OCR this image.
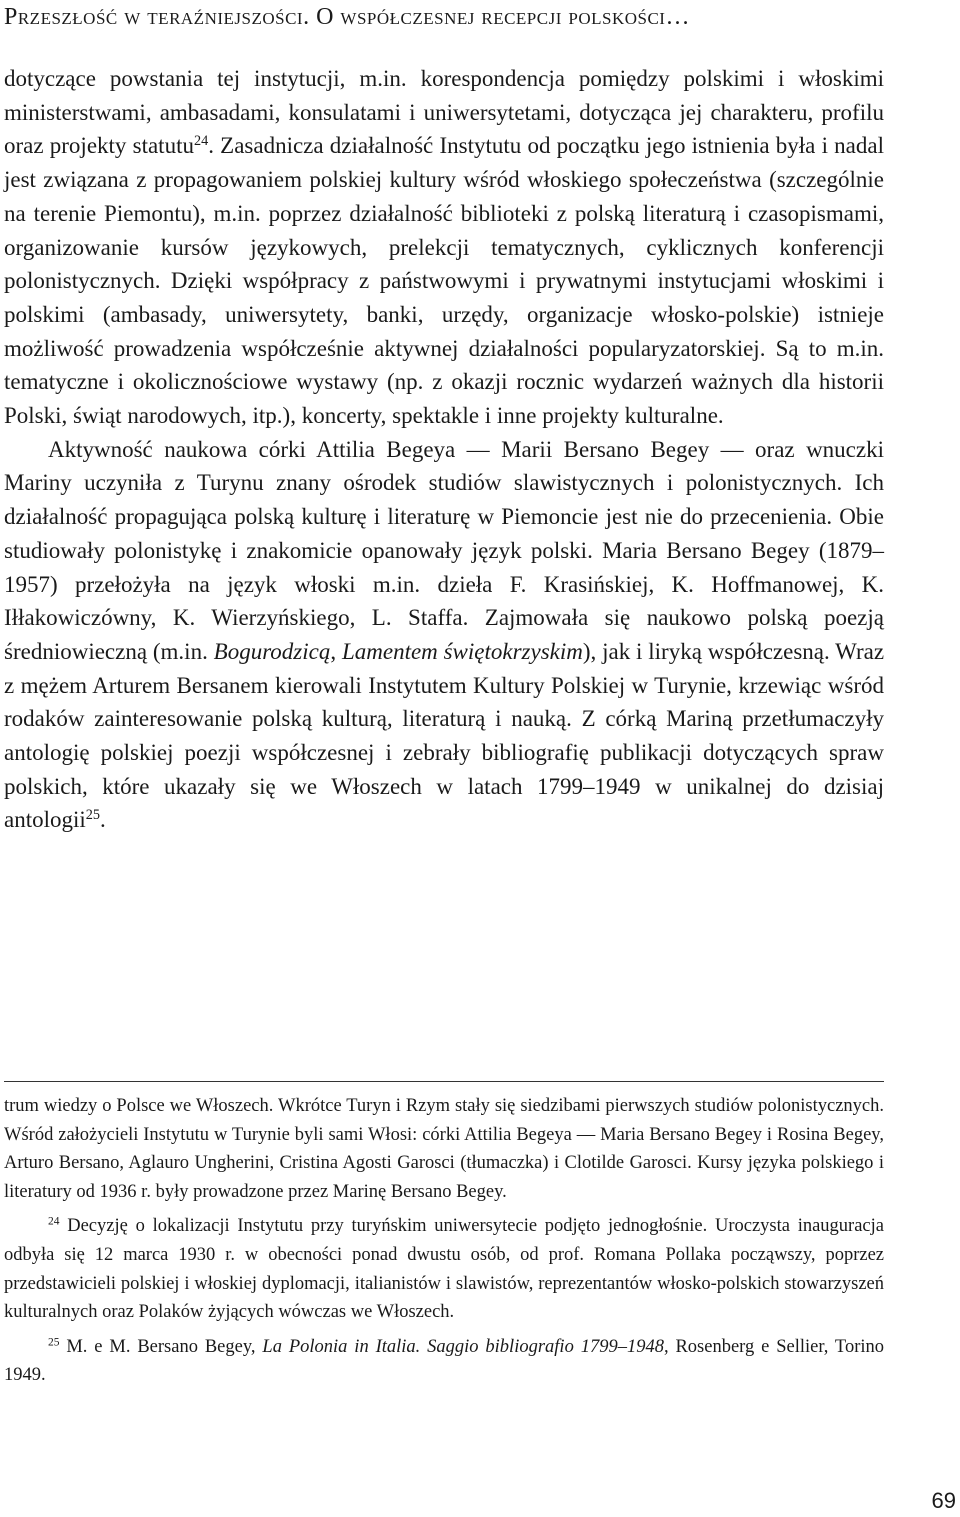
Przeszłość w teraźniejszości. O współczesnej recepcji polskości…

dotyczące powstania tej instytucji, m.in. korespondencja pomiędzy polskimi i włoskimi ministerstwami, ambasadami, konsulatami i uniwersytetami, dotycząca jej charakteru, profilu oraz projekty statutu$^{24}$. Zasadnicza działalność Instytutu od początku jego istnienia była i nadal jest związana z propagowaniem polskiej kultury wśród włoskiego społeczeństwa (szczególnie na terenie Piemontu), m.in. poprzez działalność biblioteki z polską literaturą i czasopismami, organizowanie kursów językowych, prelekcji tematycznych, cyklicznych konferencji polonistycznych. Dzięki współpracy z państwowymi i prywatnymi instytucjami włoskimi i polskimi (ambasady, uniwersytety, banki, urzędy, organizacje włosko-polskie) istnieje możliwość prowadzenia współcześnie aktywnej działalności popularyzatorskiej. Są to m.in. tematyczne i okolicznościowe wystawy (np. z okazji rocznic wydarzeń ważnych dla historii Polski, świąt narodowych, itp.), koncerty, spektakle i inne projekty kulturalne.

Aktywność naukowa córki Attilia Begeya — Marii Bersano Begey — oraz wnuczki Mariny uczyniła z Turynu znany ośrodek studiów slawistycznych i polonistycznych. Ich działalność propagująca polską kulturę i literaturę w Piemoncie jest nie do przecenienia. Obie studiowały polonistykę i znakomicie opanowały język polski. Maria Bersano Begey (1879–1957) przełożyła na język włoski m.in. dzieła F. Krasińskiej, K. Hoffmanowej, K. Iłłakowiczówny, K. Wierzyńskiego, L. Staffa. Zajmowała się naukowo polską poezją średniowieczną (m.in. Bogurodzicą, Lamentem świętokrzyskim), jak i liryką współczesną. Wraz z mężem Arturem Bersanem kierowali Instytutem Kultury Polskiej w Turynie, krzewiąc wśród rodaków zainteresowanie polską kulturą, literaturą i nauką. Z córką Mariną przetłumaczyły antologię polskiej poezji współczesnej i zebrały bibliografię publikacji dotyczących spraw polskich, które ukazały się we Włoszech w latach 1799–1949 w unikalnej do dzisiaj antologii$^{25}$.

trum wiedzy o Polsce we Włoszech. Wkrótce Turyn i Rzym stały się siedzibami pierwszych studiów polonistycznych. Wśród założycieli Instytutu w Turynie byli sami Włosi: córki Attilia Begeya — Maria Bersano Begey i Rosina Begey, Arturo Bersano, Aglauro Ungherini, Cristina Agosti Garosci (tłumaczka) i Clotilde Garosci. Kursy języka polskiego i literatury od 1936 r. były prowadzone przez Marinę Bersano Begey.

$^{24}$ Decyzję o lokalizacji Instytutu przy turyńskim uniwersytecie podjęto jednogłośnie. Uroczysta inauguracja odbyła się 12 marca 1930 r. w obecności ponad dwustu osób, od prof. Romana Pollaka począwszy, poprzez przedstawicieli polskiej i włoskiej dyplomacji, italianistów i slawistów, reprezentantów włosko-polskich stowarzyszeń kulturalnych oraz Polaków żyjących wówczas we Włoszech.

$^{25}$ M. e M. Bersano Begey, La Polonia in Italia. Saggio bibliografio 1799–1948, Rosenberg e Sellier, Torino 1949.

69
